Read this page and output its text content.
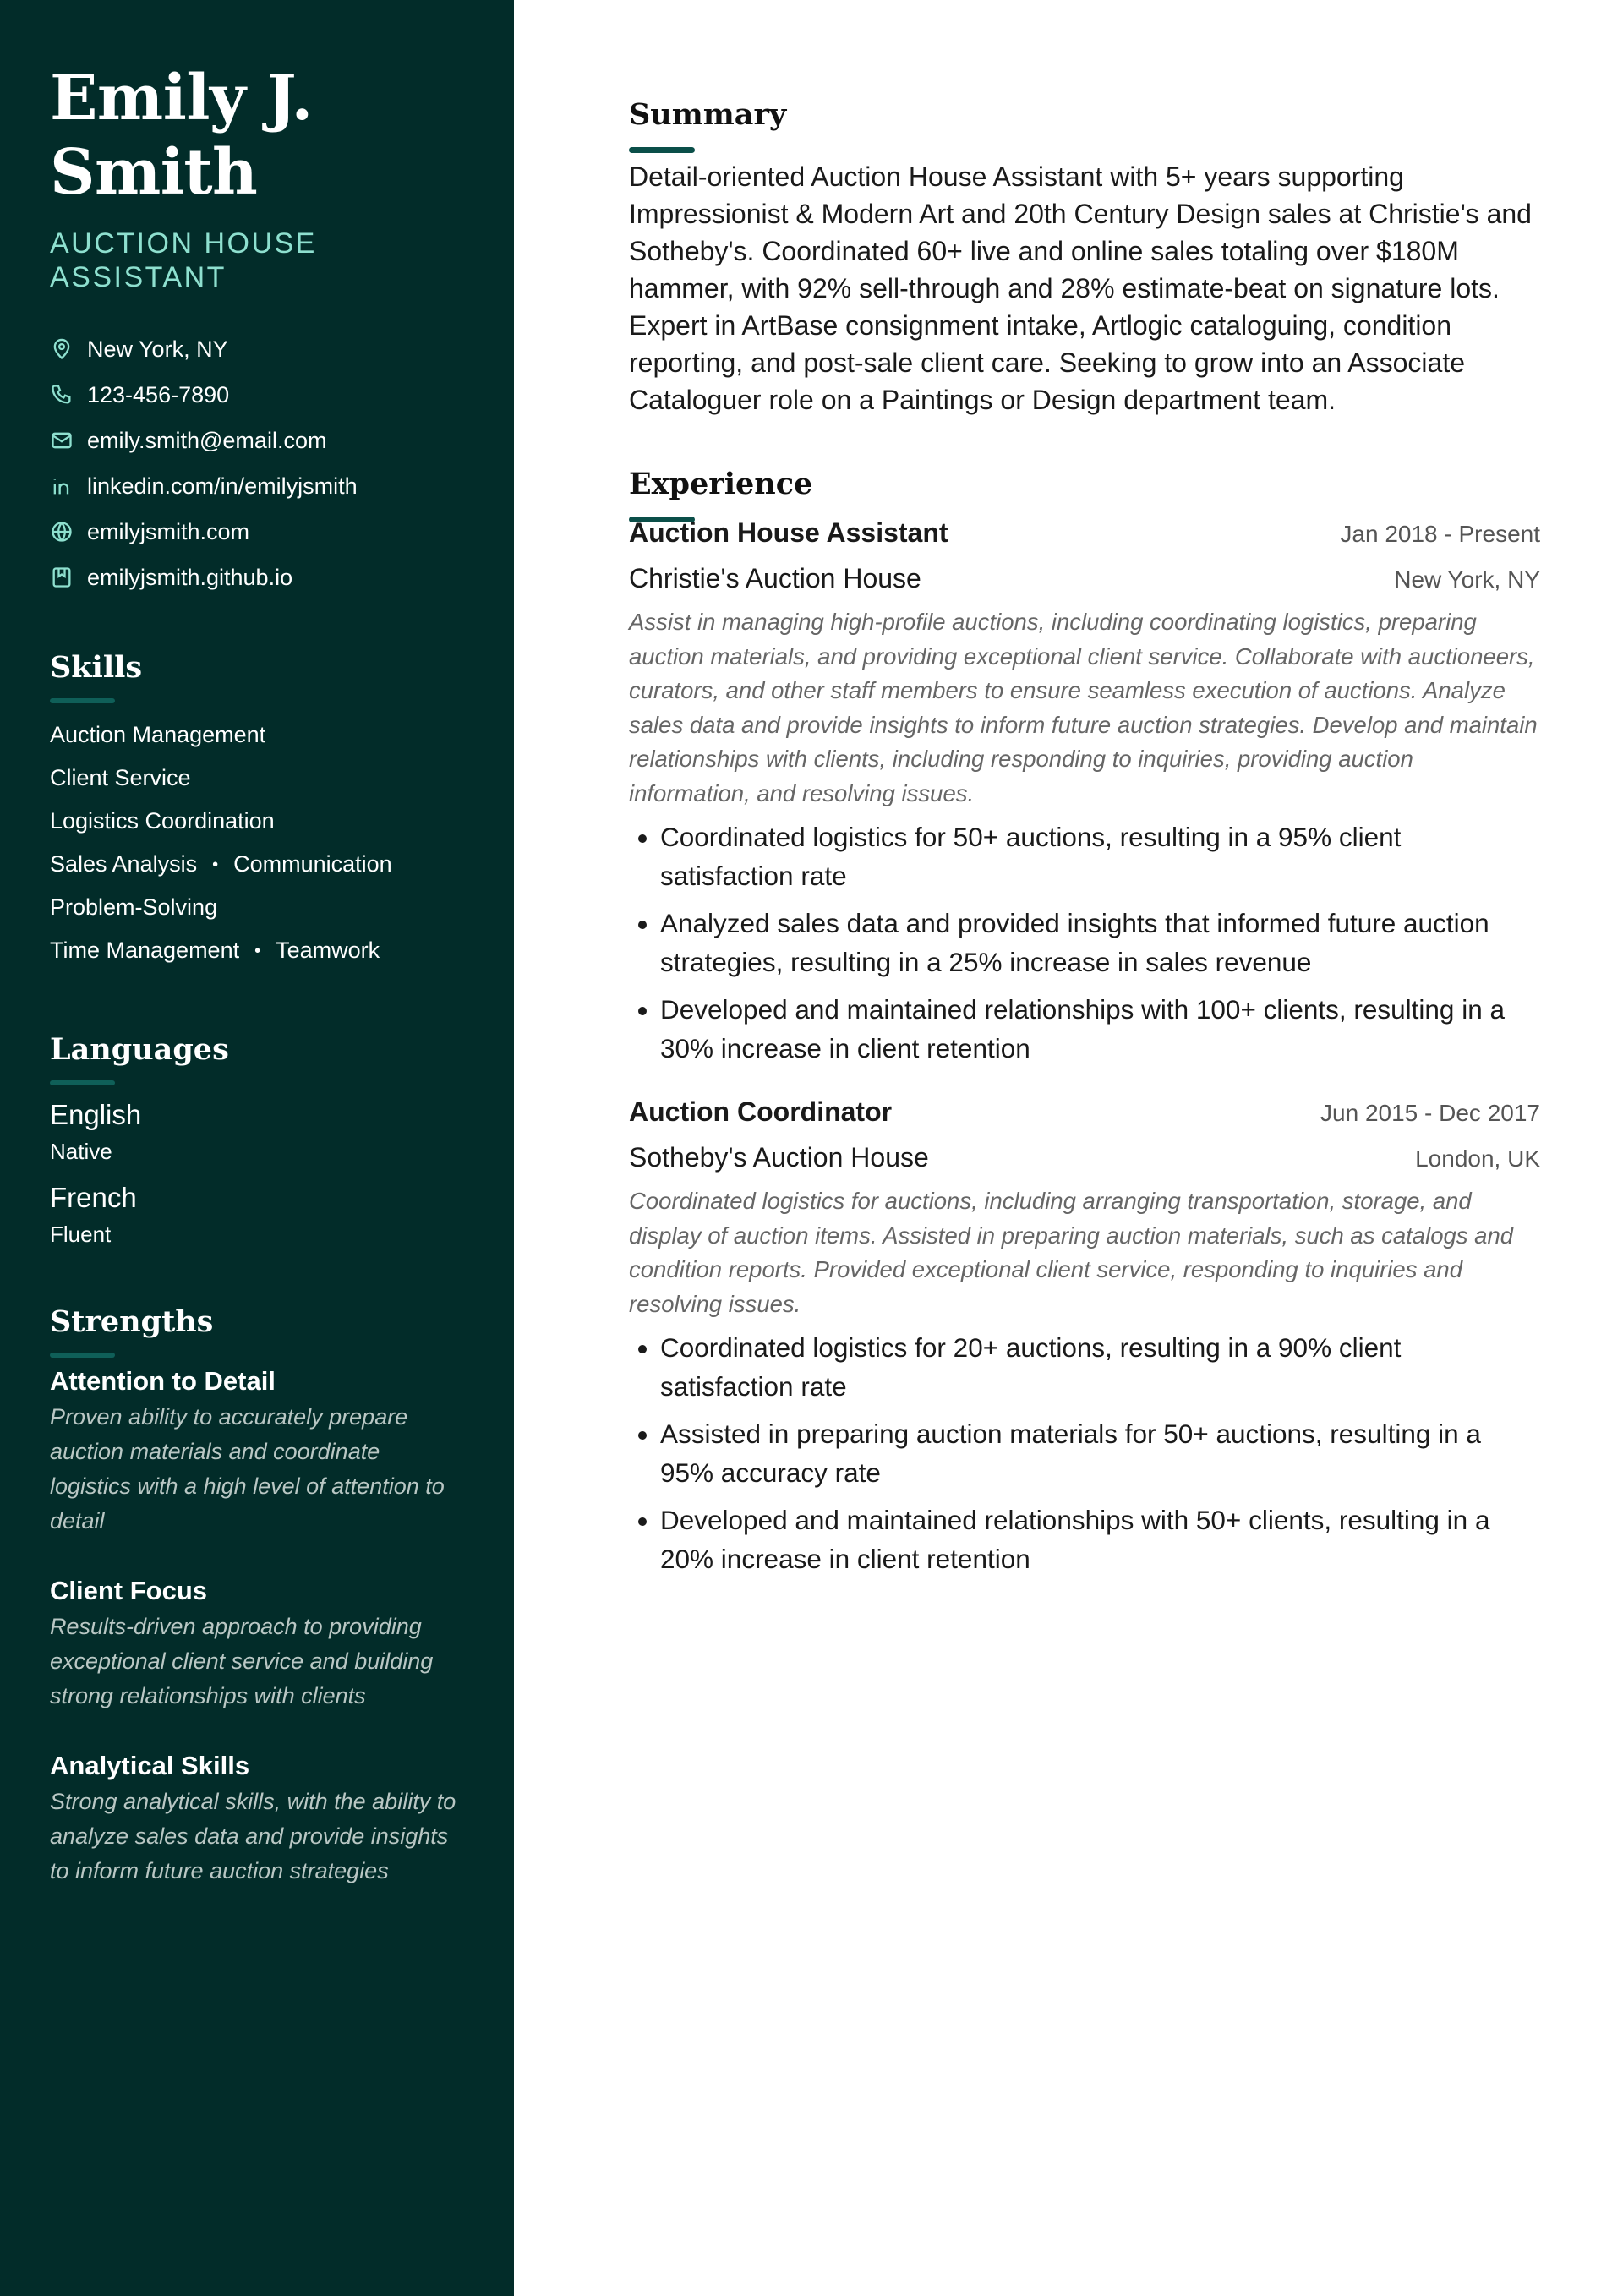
Emily J.
Smith
AUCTION HOUSE
ASSISTANT
New York, NY
123-456-7890
emily.smith@email.com
linkedin.com/in/emilyjsmith
emilyjsmith.com
emilyjsmith.github.io
Skills
Auction Management
Client Service
Logistics Coordination
Sales Analysis • Communication
Problem-Solving
Time Management • Teamwork
Languages
English
Native
French
Fluent
Strengths
Attention to Detail
Proven ability to accurately prepare auction materials and coordinate logistics with a high level of attention to detail
Client Focus
Results-driven approach to providing exceptional client service and building strong relationships with clients
Analytical Skills
Strong analytical skills, with the ability to analyze sales data and provide insights to inform future auction strategies
Summary
Detail-oriented Auction House Assistant with 5+ years supporting Impressionist & Modern Art and 20th Century Design sales at Christie's and Sotheby's. Coordinated 60+ live and online sales totaling over $180M hammer, with 92% sell-through and 28% estimate-beat on signature lots. Expert in ArtBase consignment intake, Artlogic cataloguing, condition reporting, and post-sale client care. Seeking to grow into an Associate Cataloguer role on a Paintings or Design department team.
Experience
Auction House Assistant	Jan 2018 - Present
Christie's Auction House	New York, NY
Assist in managing high-profile auctions, including coordinating logistics, preparing auction materials, and providing exceptional client service. Collaborate with auctioneers, curators, and other staff members to ensure seamless execution of auctions. Analyze sales data and provide insights to inform future auction strategies. Develop and maintain relationships with clients, including responding to inquiries, providing auction information, and resolving issues.
• Coordinated logistics for 50+ auctions, resulting in a 95% client satisfaction rate
• Analyzed sales data and provided insights that informed future auction strategies, resulting in a 25% increase in sales revenue
• Developed and maintained relationships with 100+ clients, resulting in a 30% increase in client retention
Auction Coordinator	Jun 2015 - Dec 2017
Sotheby's Auction House	London, UK
Coordinated logistics for auctions, including arranging transportation, storage, and display of auction items. Assisted in preparing auction materials, such as catalogs and condition reports. Provided exceptional client service, responding to inquiries and resolving issues.
• Coordinated logistics for 20+ auctions, resulting in a 90% client satisfaction rate
• Assisted in preparing auction materials for 50+ auctions, resulting in a 95% accuracy rate
• Developed and maintained relationships with 50+ clients, resulting in a 20% increase in client retention
